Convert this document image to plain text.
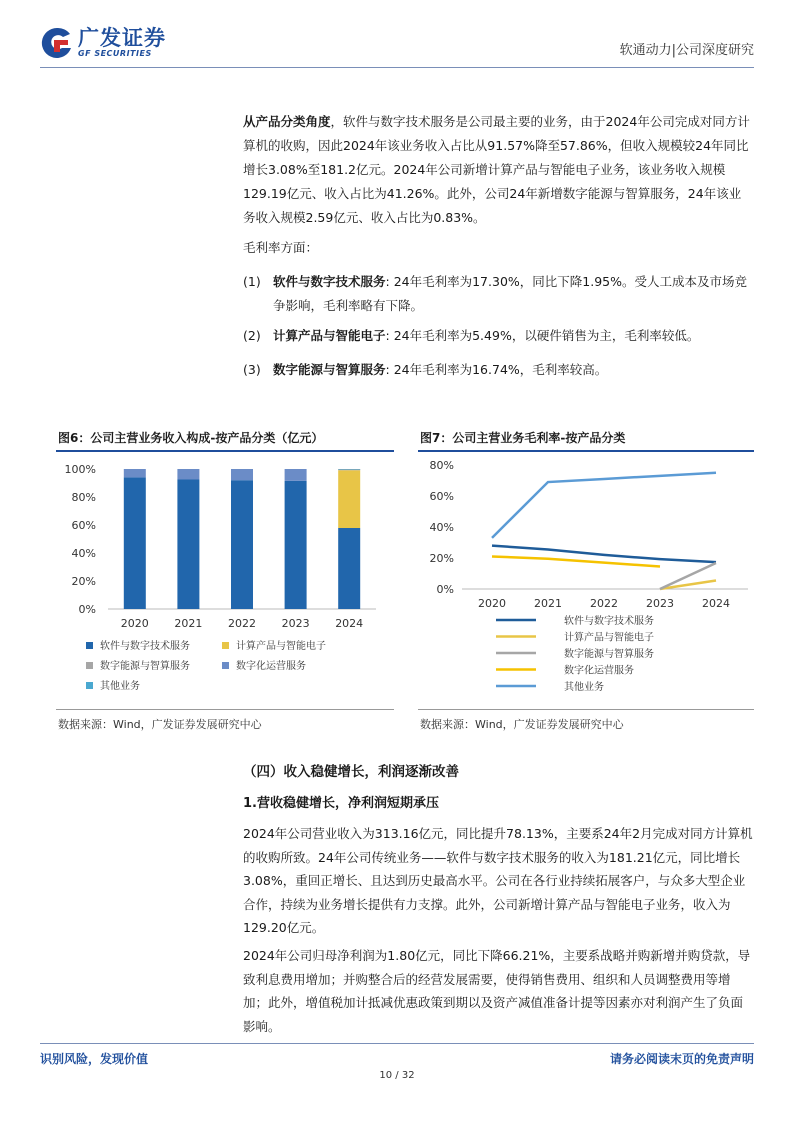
广发证券
GF SECURITIES	软通动力|公司深度研究
从产品分类角度，软件与数字技术服务是公司最主要的业务，由于2024年公司完成对同方计算机的收购，因此2024年该业务收入占比从91.57%降至57.86%，但收入规模较24年同比增长3.08%至181.2亿元。2024年公司新增计算产品与智能电子业务，该业务收入规模129.19亿元、收入占比为41.26%。此外，公司24年新增数字能源与智算服务，24年该业务收入规模2.59亿元、收入占比为0.83%。
毛利率方面：
(1) 软件与数字技术服务: 24年毛利率为17.30%，同比下降1.95%。受人工成本及市场竞争影响，毛利率略有下降。
(2) 计算产品与智能电子: 24年毛利率为5.49%，以硬件销售为主，毛利率较低。
(3) 数字能源与智算服务: 24年毛利率为16.74%，毛利率较高。
图6：公司主营业务收入构成-按产品分类（亿元）
0%
20%
40%
60%
80%
100%
2020 2021 2022 2023 2024
软件与数字技术服务	计算产品与智能电子
数字能源与智算服务	数字化运营服务
其他业务
数据来源：Wind，广发证券发展研究中心
图7：公司主营业务毛利率-按产品分类
0%
20%
40%
60%
80%
2020	2021	2022	2023	2024
软件与数字技术服务
计算产品与智能电子
数字能源与智算服务
数字化运营服务
其他业务
数据来源：Wind，广发证券发展研究中心
（四）收入稳健增长，利润逐渐改善
1.营收稳健增长，净利润短期承压
2024年公司营业收入为313.16亿元，同比提升78.13%，主要系24年2月完成对同方计算机的收购所致。24年公司传统业务——软件与数字技术服务的收入为181.21亿元，同比增长3.08%，重回正增长、且达到历史最高水平。公司在各行业持续拓展客户，与众多大型企业合作，持续为业务增长提供有力支撑。此外，公司新增计算产品与智能电子业务，收入为129.20亿元。
2024年公司归母净利润为1.80亿元，同比下降66.21%，主要系战略并购新增并购贷款，导致利息费用增加；并购整合后的经营发展需要，使得销售费用、组织和人员调整费用等增加；此外，增值税加计抵减优惠政策到期以及资产减值准备计提等因素亦对利润产生了负面影响。
识别风险，发现价值	请务必阅读末页的免责声明
10 / 32
